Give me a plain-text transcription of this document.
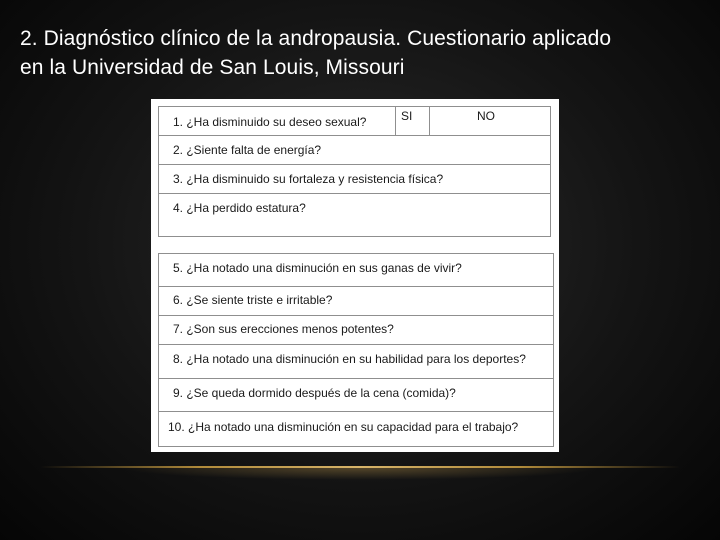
2. Diagnóstico clínico de la andropausia. Cuestionario aplicado
en la Universidad de San Louis, Missouri
1. ¿Ha disminuido su deseo sexual?	SI	NO
2. ¿Siente falta de energía?
3. ¿Ha disminuido su fortaleza y resistencia física?
4. ¿Ha perdido estatura?
5. ¿Ha notado una disminución en sus ganas de vivir?
6. ¿Se siente triste e irritable?
7. ¿Son sus erecciones menos potentes?
8. ¿Ha notado una disminución en su habilidad para los deportes?
9. ¿Se queda dormido después de la cena (comida)?
10. ¿Ha notado una disminución en su capacidad para el trabajo?
